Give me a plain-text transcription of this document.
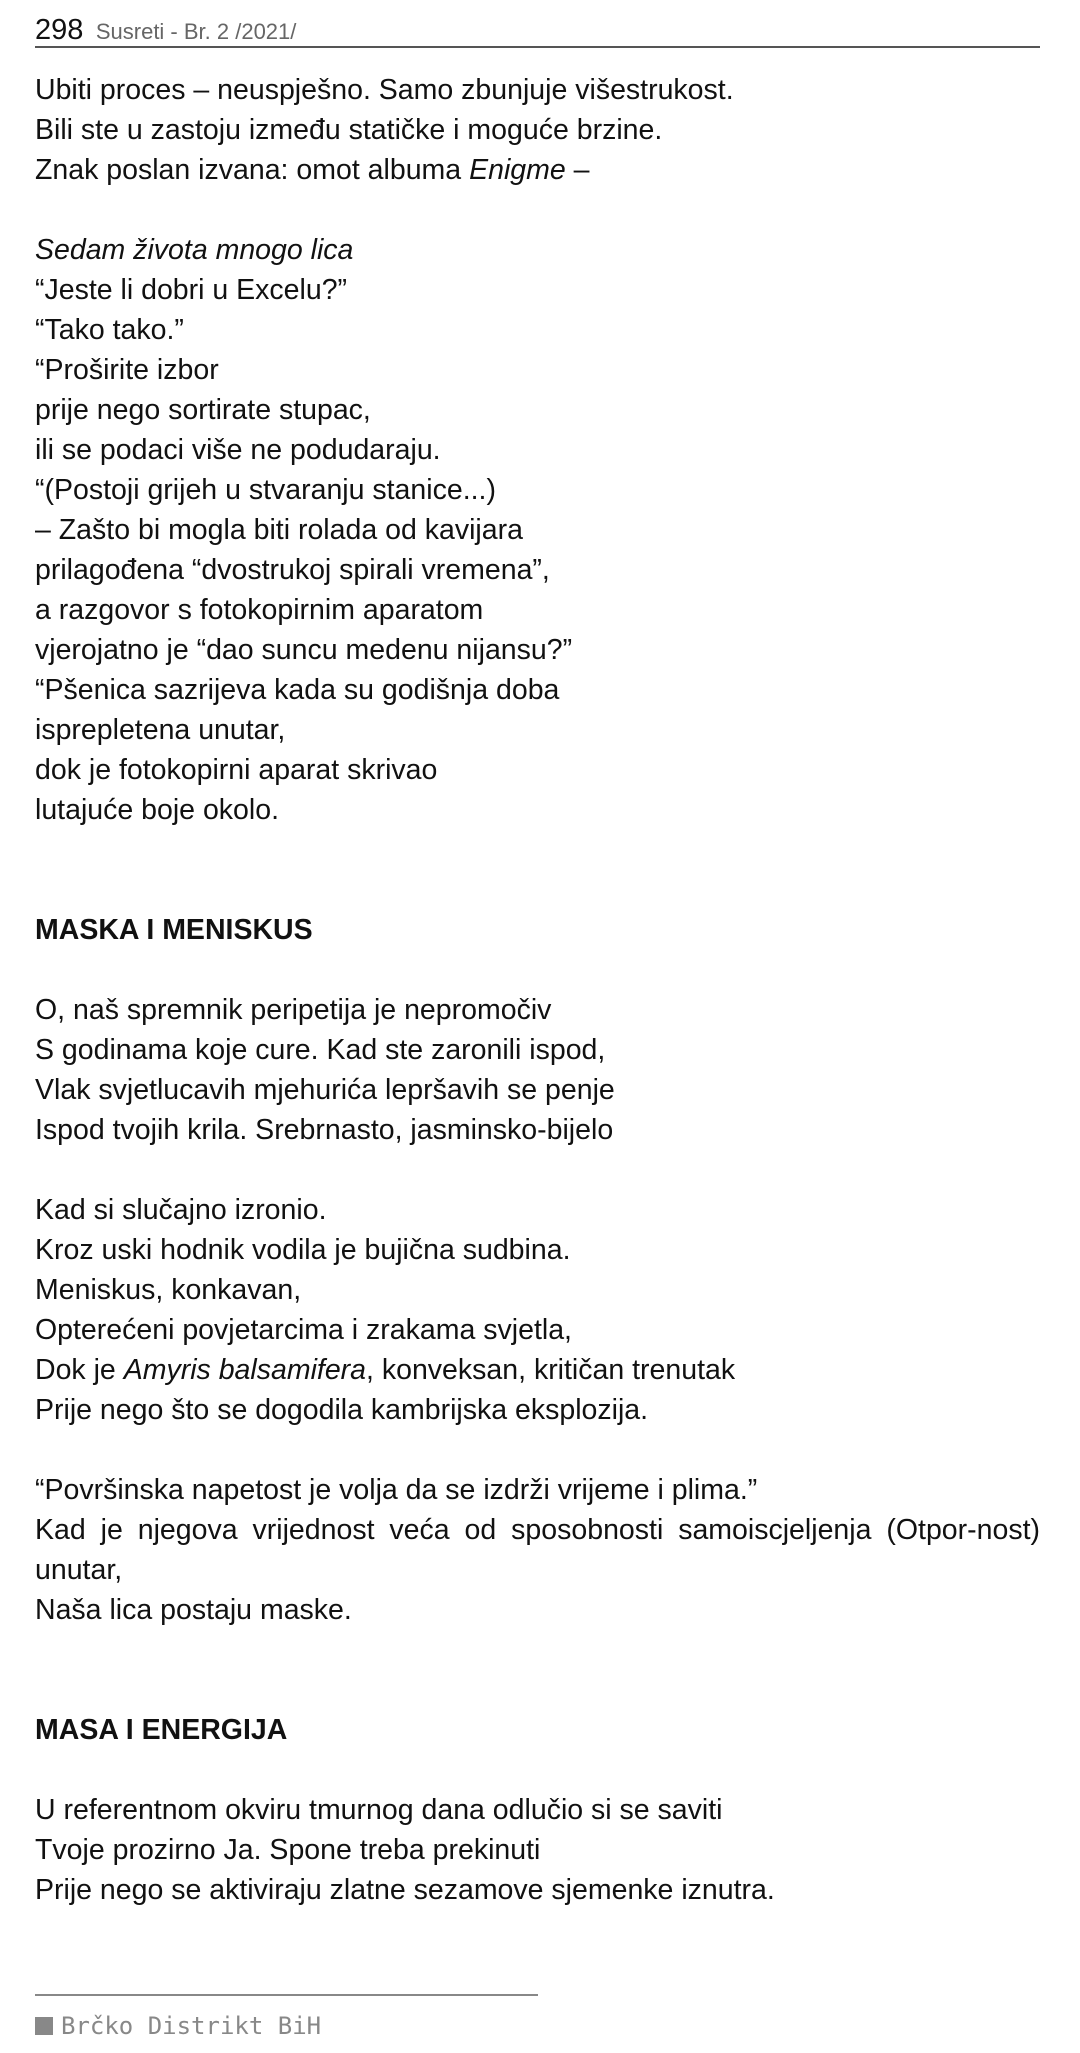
298 Susreti - Br. 2 /2021/
Ubiti proces – neuspješno. Samo zbunjuje višestrukost.
Bili ste u zastoju između statičke i moguće brzine.
Znak poslan izvana: omot albuma Enigme –
Sedam života mnogo lica
“Jeste li dobri u Excelu?”
“Tako tako.”
“Proširite izbor
prije nego sortirate stupac,
ili se podaci više ne podudaraju.
“(Postoji grijeh u stvaranju stanice...)
– Zašto bi mogla biti rolada od kavijara
prilagođena “dvostrukoj spirali vremena”,
a razgovor s fotokopirnim aparatom
vjerojatno je “dao suncu medenu nijansu?”
“Pšenica sazrijeva kada su godišnja doba
isprepletena unutar,
dok je fotokopirni aparat skrivao
lutajuće boje okolo.
MASKA I MENISKUS
O, naš spremnik peripetija je nepromočiv
S godinama koje cure. Kad ste zaronili ispod,
Vlak svjetlucavih mjehurića lepršavih se penje
Ispod tvojih krila. Srebrnasto, jasminsko-bijelo
Kad si slučajno izronio.
Kroz uski hodnik vodila je bujična sudbina.
Meniskus, konkavan,
Opterećeni povjetarcima i zrakama svjetla,
Dok je Amyris balsamifera, konveksan, kritičan trenutak
Prije nego što se dogodila kambrijska eksplozija.
“Površinska napetost je volja da se izdrži vrijeme i plima.”
Kad je njegova vrijednost veća od sposobnosti samoiscjeljenja (Otpor-nost) unutar,
Naša lica postaju maske.
MASA I ENERGIJA
U referentnom okviru tmurnog dana odlučio si se saviti
Tvoje prozirno Ja. Spone treba prekinuti
Prije nego se aktiviraju zlatne sezamove sjemenke iznutra.
Brčko Distrikt BiH
